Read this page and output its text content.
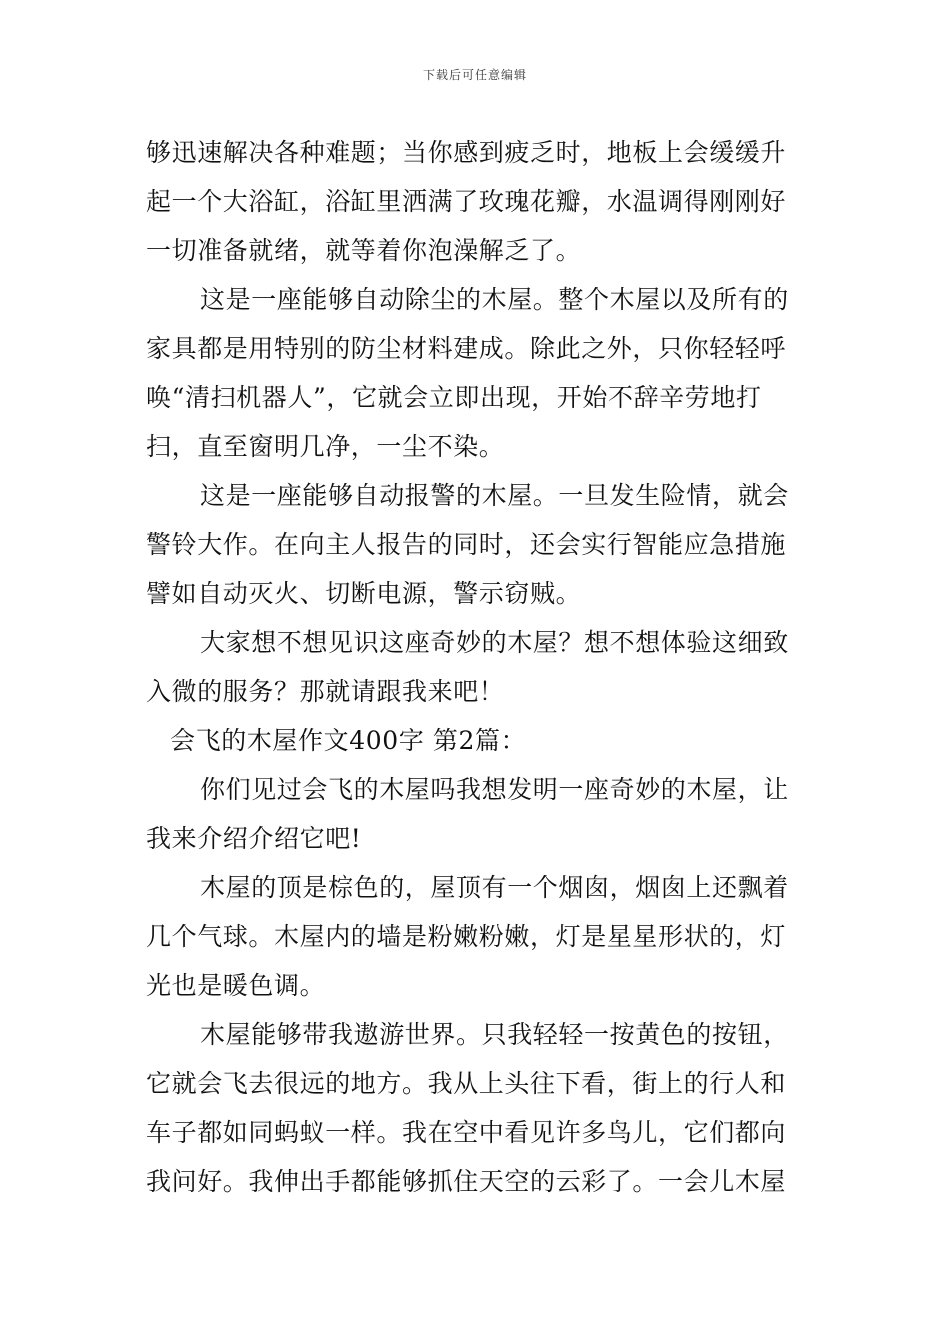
下载后可任意编辑
够迅速解决各种难题；当你感到疲乏时，地板上会缓缓升
起一个大浴缸，浴缸里洒满了玫瑰花瓣，水温调得刚刚好
一切准备就绪，就等着你泡澡解乏了。
这是一座能够自动除尘的木屋。整个木屋以及所有的
家具都是用特别的防尘材料建成。除此之外，只你轻轻呼
唤“清扫机器人”，它就会立即出现，开始不辞辛劳地打
扫，直至窗明几净，一尘不染。
这是一座能够自动报警的木屋。一旦发生险情，就会
警铃大作。在向主人报告的同时，还会实行智能应急措施
譬如自动灭火、切断电源，警示窃贼。
大家想不想见识这座奇妙的木屋？想不想体验这细致
入微的服务？那就请跟我来吧！
会飞的木屋作文400字 第2篇：
你们见过会飞的木屋吗我想发明一座奇妙的木屋，让
我来介绍介绍它吧!
木屋的顶是棕色的，屋顶有一个烟囱，烟囱上还飘着
几个气球。木屋内的墙是粉嫩粉嫩，灯是星星形状的，灯
光也是暖色调。
木屋能够带我遨游世界。只我轻轻一按黄色的按钮，
它就会飞去很远的地方。我从上头往下看，街上的行人和
车子都如同蚂蚁一样。我在空中看见许多鸟儿，它们都向
我问好。我伸出手都能够抓住天空的云彩了。一会儿木屋
